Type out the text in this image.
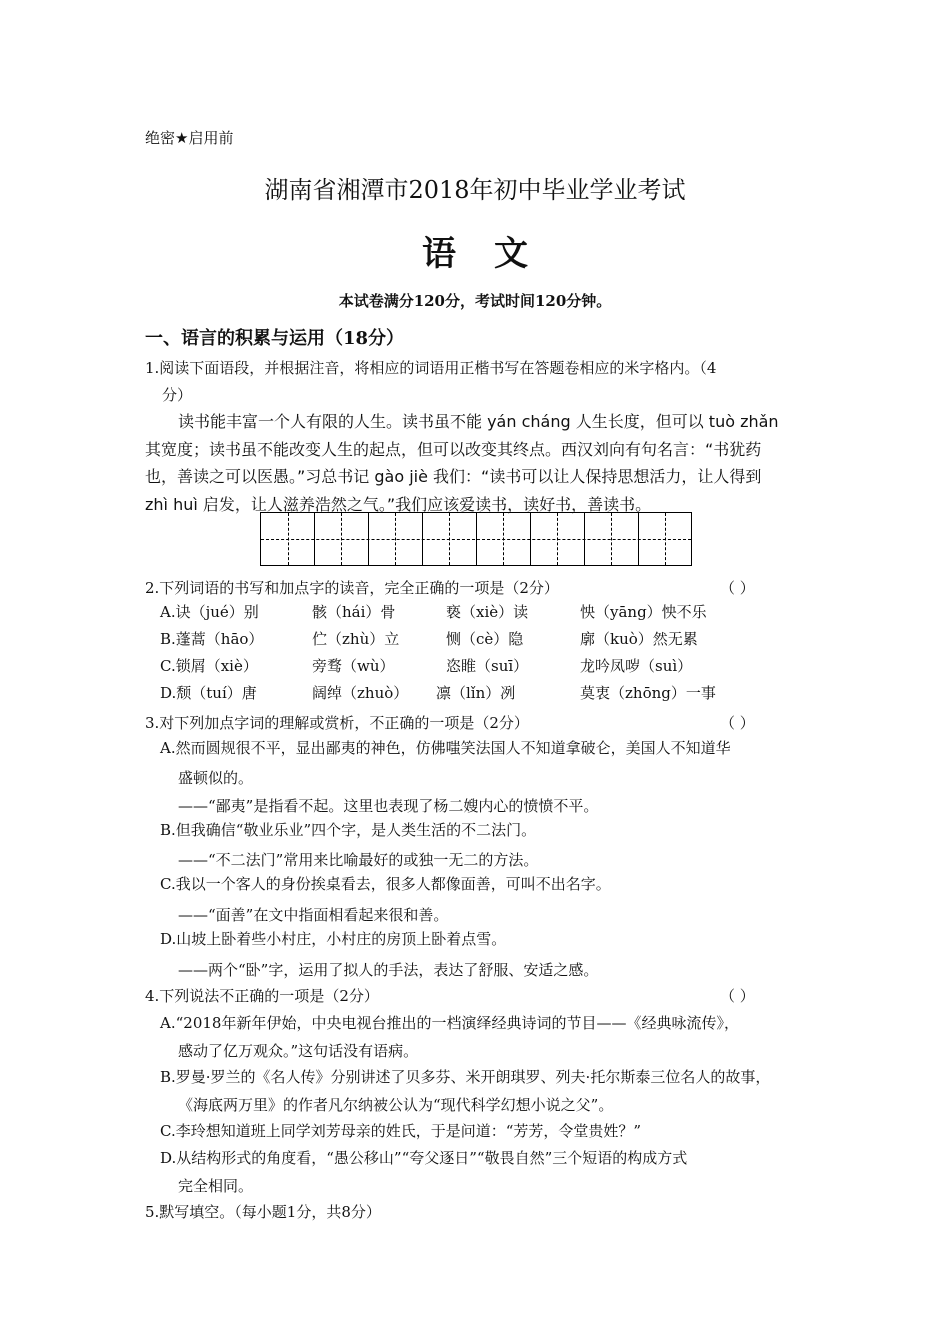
绝密★启用前
湖南省湘潭市2018年初中毕业学业考试
语文
本试卷满分120分，考试时间120分钟。
一、语言的积累与运用（18分）
1.阅读下面语段，并根据注音，将相应的词语用正楷书写在答题卷相应的米字格内。（4
分）
读书能丰富一个人有限的人生。读书虽不能 yán cháng 人生长度，但可以 tuò zhǎn
其宽度；读书虽不能改变人生的起点，但可以改变其终点。西汉刘向有句名言：“书犹药
也，善读之可以医愚。”习总书记 gào jiè 我们：“读书可以让人保持思想活力，让人得到
zhì huì 启发，让人滋养浩然之气。”我们应该爱读书，读好书，善读书。
2.下列词语的书写和加点字的读音，完全正确的一项是（2分）	（ ）
A.诀（jué）别	骸（hái）骨	亵（xiè）读	怏（yāng）怏不乐
B.蓬蒿（hāo）	伫（zhù）立	恻（cè）隐	廓（kuò）然无累
C.锁屑（xiè）	旁骛（wù）	恣睢（suī）	龙吟凤哕（suì）
D.颓（tuí）唐	阔绰（zhuò） 凛（lǐn）冽	莫衷（zhōng）一事
3.对下列加点字词的理解或赏析，不正确的一项是（2分）	（ ）
A.然而圆规很不平，显出鄙夷的神色，仿佛嗤笑法国人不知道拿破仑，美国人不知道华
盛顿似的。
——“鄙夷”是指看不起。这里也表现了杨二嫂内心的愤愤不平。
B.但我确信“敬业乐业”四个字，是人类生活的不二法门。
——“不二法门”常用来比喻最好的或独一无二的方法。
C.我以一个客人的身份挨桌看去，很多人都像面善，可叫不出名字。
——“面善”在文中指面相看起来很和善。
D.山坡上卧着些小村庄，小村庄的房顶上卧着点雪。
——两个“卧”字，运用了拟人的手法，表达了舒服、安适之感。
4.下列说法不正确的一项是（2分）	（ ）
A.“2018年新年伊始，中央电视台推出的一档演绎经典诗词的节目——《经典咏流传》，
感动了亿万观众。”这句话没有语病。
B.罗曼·罗兰的《名人传》分别讲述了贝多芬、米开朗琪罗、列夫·托尔斯泰三位名人的故事，
《海底两万里》的作者凡尔纳被公认为“现代科学幻想小说之父”。
C.李玲想知道班上同学刘芳母亲的姓氏，于是问道：“芳芳，令堂贵姓？”
D.从结构形式的角度看，“愚公移山”“夸父逐日”“敬畏自然”三个短语的构成方式
完全相同。
5.默写填空。（每小题1分，共8分）
